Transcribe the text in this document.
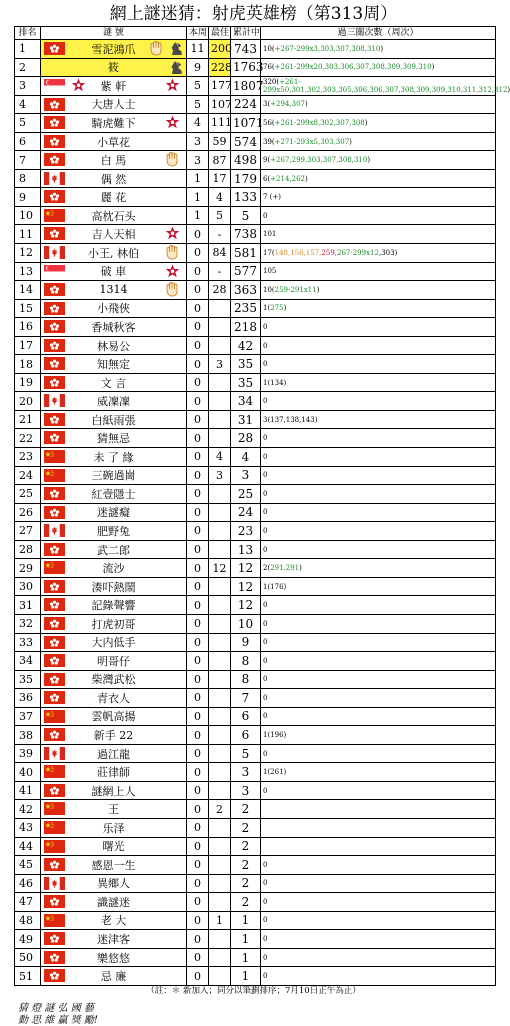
網上謎迷猜：射虎英雄榜（第313周）
排名	謎 號	本周	最佳	累計中	過三關次數（周次）
1	雪泥鴻爪	11	200	743	10(+267-299x3,303,307,308,310)
2	筱	9	228	1763	76(+261-299x20,303,306,307,308,309,309,310)
3	紫 軒	5	177	1807	320(+261-299x50,301,302,303,305,306,306,307,308,309,309,310,311,312,312)
4	大唐人士	5	107	224	3(+294,307)
5	騎虎難下	4	111	1071	56(+261-299x8,302,307,308)
6	小草花	3	59	574	39(+271-293x5,303,307)
7	白 馬	3	87	498	9(+267,299,303,307,308,310)
8	偶 然	1	17	179	6(+214,262)
9	麗 花	1	4	133	7 (+)
10	高枕石头	1	5	5	0
11	吉人天相	0	-	738	101
12	小王, 林伯	0	84	581	17(148,156,157,259,267-299x12,303)
13	破 車	0	-	577	105
14	1314	0	28	363	10(259-291x11)
15	小飛俠	0		235	1(275)
16	香城秋客	0		218	0
17	林易公	0		42	0
18	知無定	0	3	35	0
19	文 言	0		35	1(134)
20	威凜凜	0		34	0
21	白紙雨張	0		31	3(137,138,143)
22	猜無忌	0		28	0
23	未 了 緣	0	4	4	0
24	三碗過崗	0	3	3	0
25	紅壹隱士	0		25	0
26	迷謎癡	0		24	0
27	肥野兔	0		23	0
28	武二郎	0		13	0
29	流沙	0	12	12	2(291,291)
30	湊吓熱鬧	0		12	1(176)
31	記錄聲響	0		12	0
32	打虎初哥	0		10	0
33	大内低手	0		9	0
34	明哥仔	0		8	0
35	柴灣武松	0		8	0
36	青衣人	0		7	0
37	雲帆高揚	0		6	0
38	新手 22	0		6	1(196)
39	過江龍	0		5	0
40	莊律師	0		3	1(261)
41	謎網上人	0		3	0
42	王	0	2	2	
43	乐泽	0		2	
44	曙光	0		2	
45	感恩一生	0		2	0
46	異鄉人	0		2	0
47	識謎迷	0		2	0
48	老 大	0	1	1	0
49	迷津客	0		1	0
50	樂悠悠	0		1	0
51	忌 廉	0		1	0
（註：＊ 新加入；同分以筆劃排序；7月10日正午為止）
猜 燈 謎 弘 國 藝
動 思 維 贏 獎 勵!
